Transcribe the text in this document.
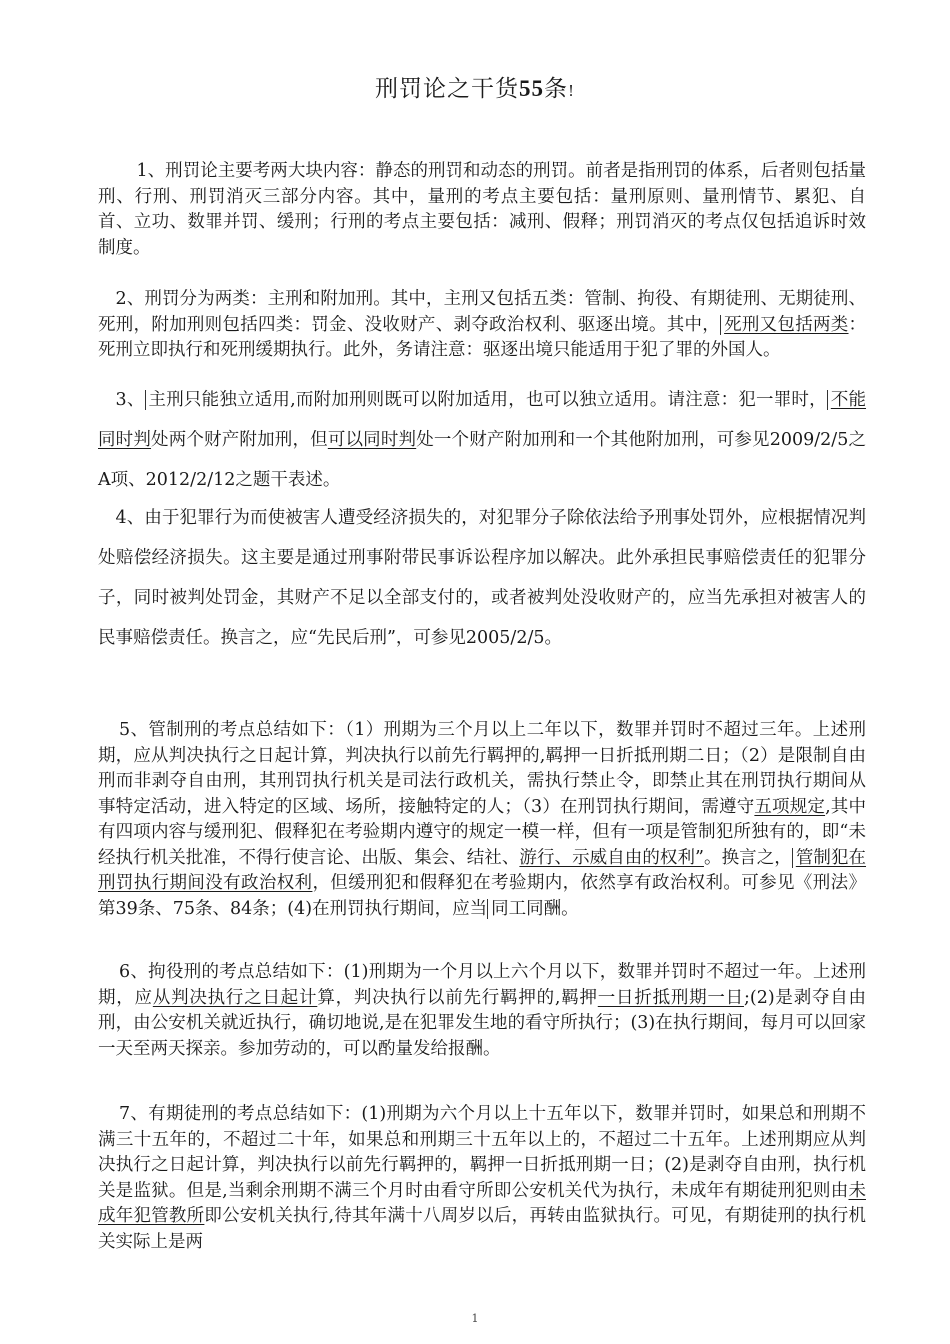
刑罚论之干货55条!
1、刑罚论主要考两大块内容：静态的刑罚和动态的刑罚。前者是指刑罚的体系，后者则包括量刑、行刑、刑罚消灭三部分内容。其中，量刑的考点主要包括：量刑原则、量刑情节、累犯、自首、立功、数罪并罚、缓刑；行刑的考点主要包括：减刑、假释；刑罚消灭的考点仅包括追诉时效制度。
2、刑罚分为两类：主刑和附加刑。其中，主刑又包括五类：管制、拘役、有期徒刑、无期徒刑、死刑，附加刑则包括四类：罚金、没收财产、剥夺政治权利、驱逐出境。其中， 死刑又包括两类：死刑立即执行和死刑缓期执行。此外，务请注意：驱逐出境只能适用于犯了罪的外国人。
3、 主刑只能独立适用,而附加刑则既可以附加适用，也可以独立适用。请注意：犯一罪时， 不能同时判处两个财产附加刑，但可以同时判处一个财产附加刑和一个其他附加刑，可参见2009/2/5之A项、2012/2/12之题干表述。
4、由于犯罪行为而使被害人遭受经济损失的，对犯罪分子除依法给予刑事处罚外，应根据情况判处赔偿经济损失。这主要是通过刑事附带民事诉讼程序加以解决。此外承担民事赔偿责任的犯罪分子，同时被判处罚金，其财产不足以全部支付的，或者被判处没收财产的，应当先承担对被害人的民事赔偿责任。换言之，应“先民后刑”，可参见2005/2/5。
5、管制刑的考点总结如下：（1）刑期为三个月以上二年以下，数罪并罚时不超过三年。上述刑期，应从判决执行之日起计算，判决执行以前先行羁押的,羁押一日折抵刑期二日；（2）是限制自由刑而非剥夺自由刑，其刑罚执行机关是司法行政机关，需执行禁止令，即禁止其在刑罚执行期间从事特定活动，进入特定的区域、场所，接触特定的人；（3）在刑罚执行期间，需遵守五项规定,其中有四项内容与缓刑犯、假释犯在考验期内遵守的规定一模一样，但有一项是管制犯所独有的，即“未经执行机关批准，不得行使言论、出版、集会、结社、游行、示威自由的权利”。换言之， 管制犯在刑罚执行期间没有政治权利，但缓刑犯和假释犯在考验期内，依然享有政治权利。可参见《刑法》第39条、75条、84条；(4)在刑罚执行期间，应当 同工同酬。
6、拘役刑的考点总结如下：(1)刑期为一个月以上六个月以下，数罪并罚时不超过一年。上述刑期，应从判决执行之日起计算，判决执行以前先行羁押的,羁押一日折抵刑期一日;(2)是剥夺自由刑，由公安机关就近执行，确切地说,是在犯罪发生地的看守所执行；(3)在执行期间，每月可以回家一天至两天探亲。参加劳动的，可以酌量发给报酬。
7、有期徒刑的考点总结如下：(1)刑期为六个月以上十五年以下，数罪并罚时，如果总和刑期不满三十五年的，不超过二十年，如果总和刑期三十五年以上的，不超过二十五年。上述刑期应从判决执行之日起计算，判决执行以前先行羁押的，羁押一日折抵刑期一日；(2)是剥夺自由刑，执行机关是监狱。但是,当剩余刑期不满三个月时由看守所即公安机关代为执行，未成年有期徒刑犯则由未成年犯管教所即公安机关执行,待其年满十八周岁以后，再转由监狱执行。可见，有期徒刑的执行机关实际上是两
1
